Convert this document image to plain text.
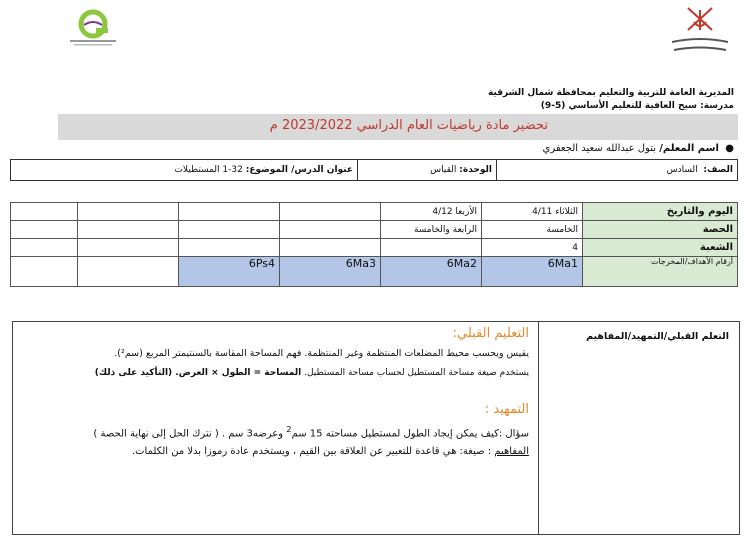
المديرية العامة للتربية والتعليم بمحافظة شمال الشرقية
مدرسة: سيح العافية للتعليم الأساسي (5-9)
تحضير مادة رياضيات العام الدراسي 2023/2022 م
●  اسم المعلم/ بتول عبدالله سعيد الجعفري
الصف:  السادس	الوحدة: القياس	عنوان الدرس/ الموضوع: 32-1 المستطيلات
اليوم والتاريخ	الثلاثاء 4/11	الأربعا 4/12				
الحصة	الخامسة	الرابعة والخامسة				
الشعبة	4					
أرقام الأهداف/المخرجات	6Ma1	6Ma2	6Ma3	6Ps4		
التعلم القبلي/التمهيد/المفاهيم
التعليم القبلي:
يقيس ويحسب محيط المضلعات المنتظمة وغير المنتظمة. فهم المساحة المقاسة بالسنتيمتر المربع (سم²).
يستخدم صيغة مساحة المستطيل لحساب مساحة المستطيل. المساحة = الطول × العرض. (التأكيد على ذلك)
التمهيد :
سؤال :كيف يمكن إيجاد الطول لمستطيل مساحته 15 سم$^2$ وعرضه3 سم . ( نترك الحل إلى نهاية الحصة )
المفاهيم : صيغة: هي قاعدة للتعبير عن العلاقة بين القيم ، ويستخدم عادة رموزا بدلا من الكلمات.
